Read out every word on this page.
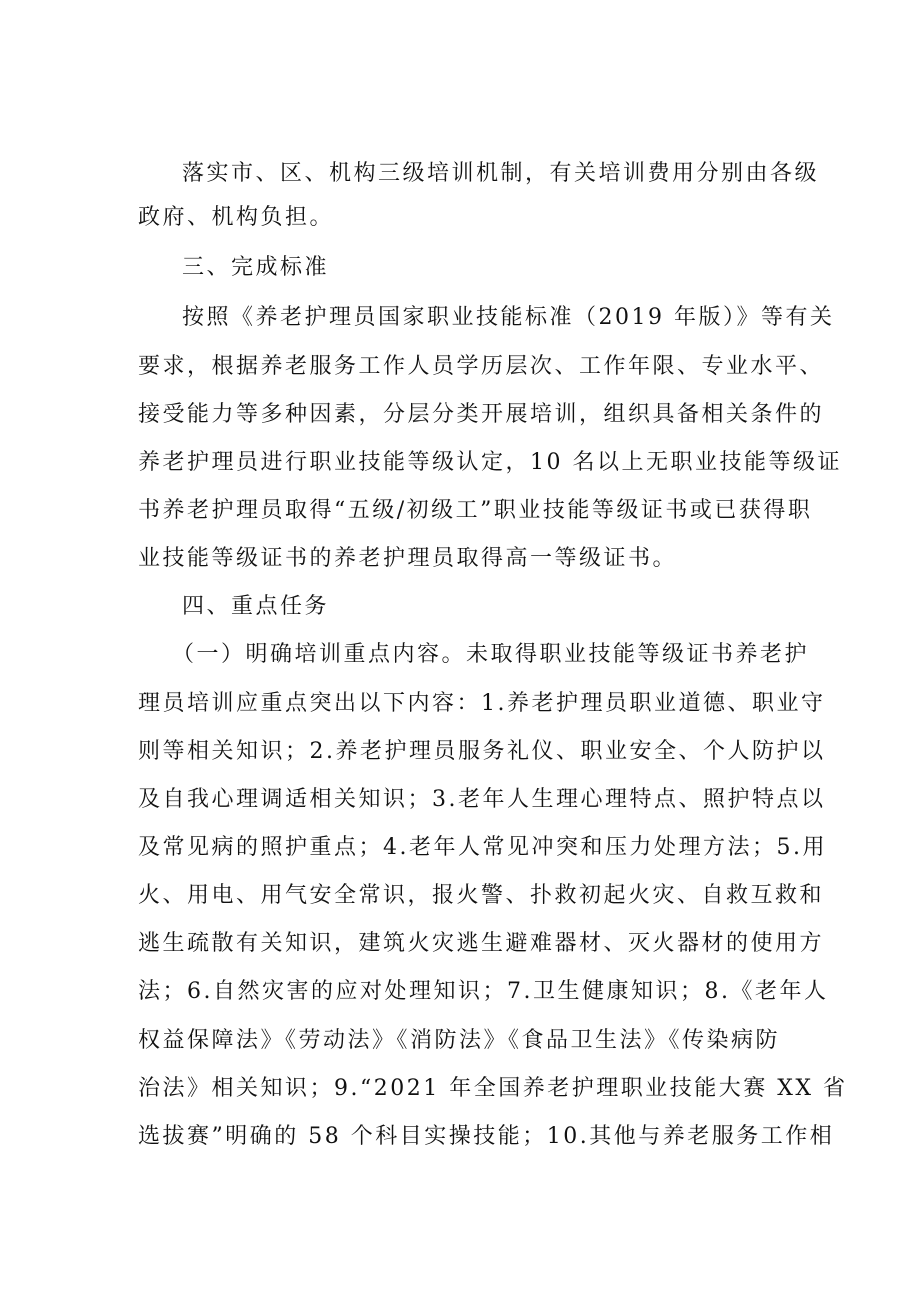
落实市、区、机构三级培训机制，有关培训费用分别由各级
政府、机构负担。
三、完成标准
按照《养老护理员国家职业技能标准（2019 年版）》等有关
要求，根据养老服务工作人员学历层次、工作年限、专业水平、
接受能力等多种因素，分层分类开展培训，组织具备相关条件的
养老护理员进行职业技能等级认定，10 名以上无职业技能等级证
书养老护理员取得“五级/初级工”职业技能等级证书或已获得职
业技能等级证书的养老护理员取得高一等级证书。
四、重点任务
（一）明确培训重点内容。未取得职业技能等级证书养老护
理员培训应重点突出以下内容：1.养老护理员职业道德、职业守
则等相关知识；2.养老护理员服务礼仪、职业安全、个人防护以
及自我心理调适相关知识；3.老年人生理心理特点、照护特点以
及常见病的照护重点；4.老年人常见冲突和压力处理方法；5.用
火、用电、用气安全常识，报火警、扑救初起火灾、自救互救和
逃生疏散有关知识，建筑火灾逃生避难器材、灭火器材的使用方
法；6.自然灾害的应对处理知识；7.卫生健康知识；8.《老年人
权益保障法》《劳动法》《消防法》《食品卫生法》《传染病防
治法》相关知识；9.“2021 年全国养老护理职业技能大赛 XX 省
选拔赛”明确的 58 个科目实操技能；10.其他与养老服务工作相
